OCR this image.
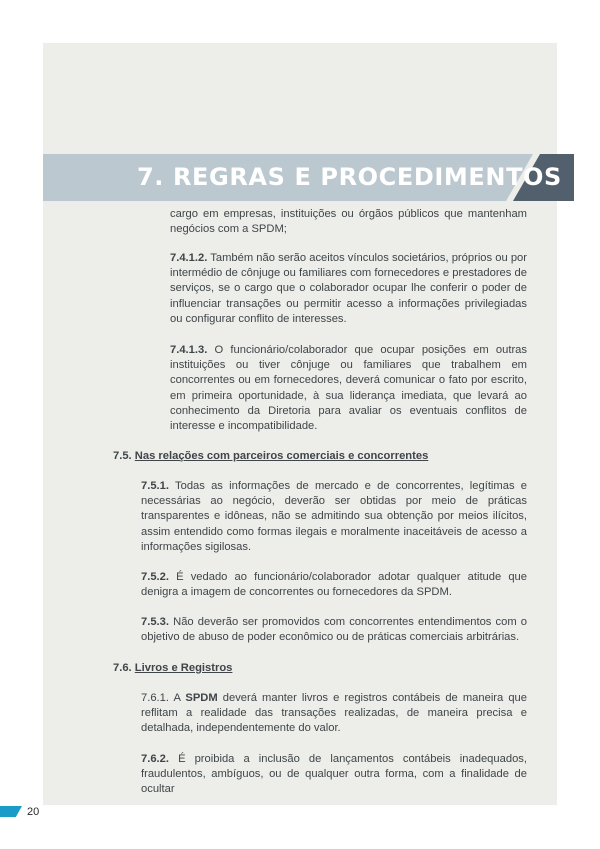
7. REGRAS E PROCEDIMENTOS

cargo em empresas, instituições ou órgãos públicos que mantenham negócios com a SPDM;

7.4.1.2. Também não serão aceitos vínculos societários, próprios ou por intermédio de cônjuge ou familiares com fornecedores e prestadores de serviços, se o cargo que o colaborador ocupar lhe conferir o poder de influenciar transações ou permitir acesso a informações privilegiadas ou configurar conflito de interesses.

7.4.1.3. O funcionário/colaborador que ocupar posições em outras instituições ou tiver cônjuge ou familiares que trabalhem em concorrentes ou em fornecedores, deverá comunicar o fato por escrito, em primeira oportunidade, à sua liderança imediata, que levará ao conhecimento da Diretoria para avaliar os eventuais conflitos de interesse e incompatibilidade.

7.5. Nas relações com parceiros comerciais e concorrentes

7.5.1. Todas as informações de mercado e de concorrentes, legítimas e necessárias ao negócio, deverão ser obtidas por meio de práticas transparentes e idôneas, não se admitindo sua obtenção por meios ilícitos, assim entendido como formas ilegais e moralmente inaceitáveis de acesso a informações sigilosas.

7.5.2. É vedado ao funcionário/colaborador adotar qualquer atitude que denigra a imagem de concorrentes ou fornecedores da SPDM.

7.5.3. Não deverão ser promovidos com concorrentes entendimentos com o objetivo de abuso de poder econômico ou de práticas comerciais arbitrárias.

7.6. Livros e Registros

7.6.1. A SPDM deverá manter livros e registros contábeis de maneira que reflitam a realidade das transações realizadas, de maneira precisa e detalhada, independentemente do valor.

7.6.2. É proibida a inclusão de lançamentos contábeis inadequados, fraudulentos, ambíguos, ou de qualquer outra forma, com a finalidade de ocultar

20
